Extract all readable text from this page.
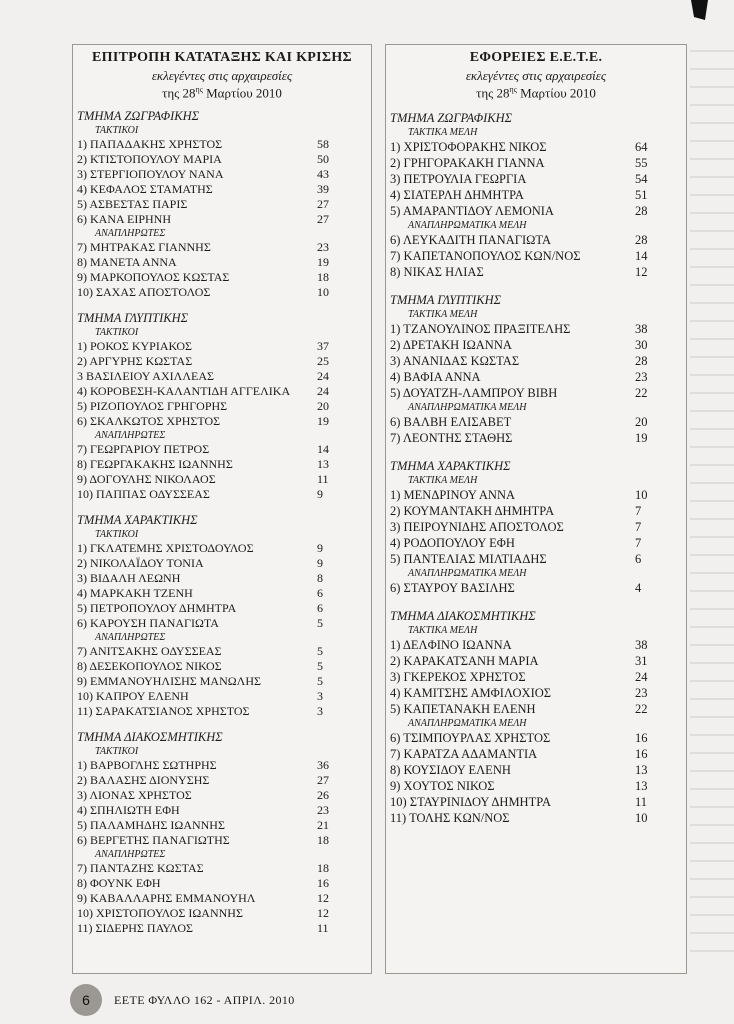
ΕΠΙΤΡΟΠΗ ΚΑΤΑΤΑΞΗΣ ΚΑΙ ΚΡΙΣΗΣ
εκλεγέντες στις αρχαιρεσίες
της $28^{\eta\varsigma}$ Μαρτίου 2010
ΤΜΗΜΑ ΖΩΓΡΑΦΙΚΗΣ
ΤΑΚΤΙΚΟΙ
1) ΠΑΠΑΔΑΚΗΣ ΧΡΗΣΤΟΣ	58
2) ΚΤΙΣΤΟΠΟΥΛΟΥ ΜΑΡΙΑ	50
3) ΣΤΕΡΓΙΟΠΟΥΛΟΥ ΝΑΝΑ	43
4) ΚΕΦΑΛΟΣ ΣΤΑΜΑΤΗΣ	39
5) ΑΣΒΕΣΤΑΣ ΠΑΡΙΣ	27
6) ΚΑΝΑ ΕΙΡΗΝΗ	27
ΑΝΑΠΛΗΡΩΤΕΣ
7) ΜΗΤΡΑΚΑΣ ΓΙΑΝΝΗΣ	23
8) ΜΑΝΕΤΑ ΑΝΝΑ	19
9) ΜΑΡΚΟΠΟΥΛΟΣ ΚΩΣΤΑΣ	18
10) ΣΑΧΑΣ ΑΠΟΣΤΟΛΟΣ	10
ΤΜΗΜΑ ΓΛΥΠΤΙΚΗΣ
ΤΑΚΤΙΚΟΙ
1) ΡΟΚΟΣ ΚΥΡΙΑΚΟΣ	37
2) ΑΡΓΥΡΗΣ ΚΩΣΤΑΣ	25
3 ΒΑΣΙΛΕΙΟΥ ΑΧΙΛΛΕΑΣ	24
4) ΚΟΡΟΒΕΣΗ-ΚΑΛΑΝΤΙΔΗ ΑΓΓΕΛΙΚΑ	24
5) ΡΙΖΟΠΟΥΛΟΣ ΓΡΗΓΟΡΗΣ	20
6) ΣΚΑΛΚΩΤΟΣ ΧΡΗΣΤΟΣ	19
ΑΝΑΠΛΗΡΩΤΕΣ
7) ΓΕΩΡΓΑΡΙΟΥ ΠΕΤΡΟΣ	14
8) ΓΕΩΡΓΑΚΑΚΗΣ ΙΩΑΝΝΗΣ	13
9) ΔΟΓΟΥΛΗΣ ΝΙΚΟΛΑΟΣ	11
10) ΠΑΠΠΑΣ ΟΔΥΣΣΕΑΣ	9
ΤΜΗΜΑ ΧΑΡΑΚΤΙΚΗΣ
ΤΑΚΤΙΚΟΙ
1) ΓΚΛΑΤΕΜΗΣ ΧΡΙΣΤΟΔΟΥΛΟΣ	9
2) ΝΙΚΟΛΑΪΔΟΥ ΤΟΝΙΑ	9
3) ΒΙΔΑΛΗ ΛΕΩΝΗ	8
4) ΜΑΡΚΑΚΗ ΤΖΕΝΗ	6
5) ΠΕΤΡΟΠΟΥΛΟΥ ΔΗΜΗΤΡΑ	6
6) ΚΑΡΟΥΣΗ ΠΑΝΑΓΙΩΤΑ	5
ΑΝΑΠΛΗΡΩΤΕΣ
7) ΑΝΙΤΣΑΚΗΣ ΟΔΥΣΣΕΑΣ	5
8) ΔΕΣΕΚΟΠΟΥΛΟΣ ΝΙΚΟΣ	5
9) ΕΜΜΑΝΟΥΗΛΙΣΗΣ ΜΑΝΩΛΗΣ	5
10) ΚΑΠΡΟΥ ΕΛΕΝΗ	3
11) ΣΑΡΑΚΑΤΣΙΑΝΟΣ ΧΡΗΣΤΟΣ	3
ΤΜΗΜΑ ΔΙΑΚΟΣΜΗΤΙΚΗΣ
ΤΑΚΤΙΚΟΙ
1) ΒΑΡΒΟΓΛΗΣ ΣΩΤΗΡΗΣ	36
2) ΒΑΛΑΣΗΣ ΔΙΟΝΥΣΗΣ	27
3) ΛΙΟΝΑΣ ΧΡΗΣΤΟΣ	26
4) ΣΠΗΛΙΩΤΗ ΕΦΗ	23
5) ΠΑΛΑΜΗΔΗΣ ΙΩΑΝΝΗΣ	21
6) ΒΕΡΓΕΤΗΣ ΠΑΝΑΓΙΩΤΗΣ	18
ΑΝΑΠΛΗΡΩΤΕΣ
7) ΠΑΝΤΑΖΗΣ ΚΩΣΤΑΣ	18
8) ΦΟΥΝΚ ΕΦΗ	16
9) ΚΑΒΑΛΛΑΡΗΣ ΕΜΜΑΝΟΥΗΛ	12
10) ΧΡΙΣΤΟΠΟΥΛΟΣ ΙΩΑΝΝΗΣ	12
11) ΣΙΔΕΡΗΣ ΠΑΥΛΟΣ	11
ΕΦΟΡΕΙΕΣ Ε.Ε.Τ.Ε.
εκλεγέντες στις αρχαιρεσίες
της $28^{\eta\varsigma}$ Μαρτίου 2010
ΤΜΗΜΑ ΖΩΓΡΑΦΙΚΗΣ
ΤΑΚΤΙΚΑ ΜΕΛΗ
1) ΧΡΙΣΤΟΦΟΡΑΚΗΣ ΝΙΚΟΣ	64
2) ΓΡΗΓΟΡΑΚΑΚΗ ΓΙΑΝΝΑ	55
3) ΠΕΤΡΟΥΛΙΑ ΓΕΩΡΓΙΑ	54
4) ΣΙΑΤΕΡΛΗ ΔΗΜΗΤΡΑ	51
5) ΑΜΑΡΑΝΤΙΔΟΥ ΛΕΜΟΝΙΑ	28
ΑΝΑΠΛΗΡΩΜΑΤΙΚΑ ΜΕΛΗ
6) ΛΕΥΚΑΔΙΤΗ ΠΑΝΑΓΙΩΤΑ	28
7) ΚΑΠΕΤΑΝΟΠΟΥΛΟΣ ΚΩΝ/ΝΟΣ	14
8) ΝΙΚΑΣ ΗΛΙΑΣ	12
ΤΜΗΜΑ ΓΛΥΠΤΙΚΗΣ
ΤΑΚΤΙΚΑ ΜΕΛΗ
1) ΤΖΑΝΟΥΛΙΝΟΣ ΠΡΑΞΙΤΕΛΗΣ	38
2) ΔΡΕΤΑΚΗ ΙΩΑΝΝΑ	30
3) ΑΝΑΝΙΔΑΣ ΚΩΣΤΑΣ	28
4) ΒΑΦΙΑ ΑΝΝΑ	23
5) ΔΟΥΑΤΖΗ-ΛΑΜΠΡΟΥ ΒΙΒΗ	22
ΑΝΑΠΛΗΡΩΜΑΤΙΚΑ ΜΕΛΗ
6) ΒΑΛΒΗ ΕΛΙΣΑΒΕΤ	20
7) ΛΕΟΝΤΗΣ ΣΤΑΘΗΣ	19
ΤΜΗΜΑ ΧΑΡΑΚΤΙΚΗΣ
ΤΑΚΤΙΚΑ ΜΕΛΗ
1) ΜΕΝΔΡΙΝΟΥ ΑΝΝΑ	10
2) ΚΟΥΜΑΝΤΑΚΗ ΔΗΜΗΤΡΑ	7
3) ΠΕΙΡΟΥΝΙΔΗΣ ΑΠΟΣΤΟΛΟΣ	7
4) ΡΟΔΟΠΟΥΛΟΥ ΕΦΗ	7
5) ΠΑΝΤΕΛΙΑΣ ΜΙΛΤΙΑΔΗΣ	6
ΑΝΑΠΛΗΡΩΜΑΤΙΚΑ ΜΕΛΗ
6) ΣΤΑΥΡΟΥ ΒΑΣΙΛΗΣ	4
ΤΜΗΜΑ ΔΙΑΚΟΣΜΗΤΙΚΗΣ
ΤΑΚΤΙΚΑ ΜΕΛΗ
1) ΔΕΛΦΙΝΟ ΙΩΑΝΝΑ	38
2) ΚΑΡΑΚΑΤΣΑΝΗ ΜΑΡΙΑ	31
3) ΓΚΕΡΕΚΟΣ ΧΡΗΣΤΟΣ	24
4) ΚΑΜΙΤΣΗΣ ΑΜΦΙΛΟΧΙΟΣ	23
5) ΚΑΠΕΤΑΝΑΚΗ ΕΛΕΝΗ	22
ΑΝΑΠΛΗΡΩΜΑΤΙΚΑ ΜΕΛΗ
6) ΤΣΙΜΠΟΥΡΛΑΣ ΧΡΗΣΤΟΣ	16
7) ΚΑΡΑΤΖΑ ΑΔΑΜΑΝΤΙΑ	16
8) ΚΟΥΣΙΔΟΥ ΕΛΕΝΗ	13
9) ΧΟΥΤΟΣ ΝΙΚΟΣ	13
10) ΣΤΑΥΡΙΝΙΔΟΥ ΔΗΜΗΤΡΑ	11
11) ΤΟΛΗΣ ΚΩΝ/ΝΟΣ	10
6	ΕΕΤΕ ΦΥΛΛΟ 162 - ΑΠΡΙΛ. 2010
